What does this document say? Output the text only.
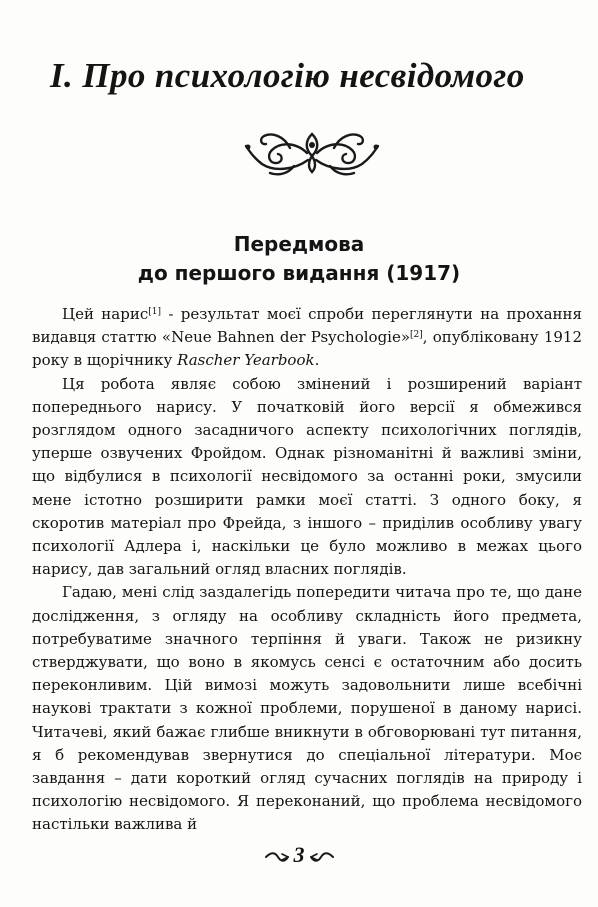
І. Про психологію несвідомого
Передмова
до першого видання (1917)

Цей нарис[1] - результат моєї спроби переглянути на прохання видавця статтю «Neue Bahnen der Psychologie»[2], опубліковану 1912 року в щорічнику Rascher Yearbook.

Ця робота являє собою змінений і розширений варіант попереднього нарису. У початковій його версії я обмежився розглядом одного засадничого аспекту психологічних поглядів, уперше озвучених Фройдом. Однак різноманітні й важливі зміни, що відбулися в психології несвідомого за останні роки, змусили мене істотно розширити рамки моєї статті. З одного боку, я скоротив матеріал про Фрейда, з іншого – приділив особливу увагу психології Адлера і, наскільки це було можливо в межах цього нарису, дав загальний огляд власних поглядів.

Гадаю, мені слід заздалегідь попередити читача про те, що дане дослідження, з огляду на особливу складність його предмета, потребуватиме значного терпіння й уваги. Також не ризикну стверджувати, що воно в якомусь сенсі є остаточним або досить переконливим. Цій вимозі можуть задовольнити лише всебічні наукові трактати з кожної проблеми, порушеної в даному нарисі. Читачеві, який бажає глибше вникнути в обговорювані тут питання, я б рекомендував звернутися до спеціальної літератури. Моє завдання – дати короткий огляд сучасних поглядів на природу і психологію несвідомого. Я переконаний, що проблема несвідомого настільки важлива й

3
